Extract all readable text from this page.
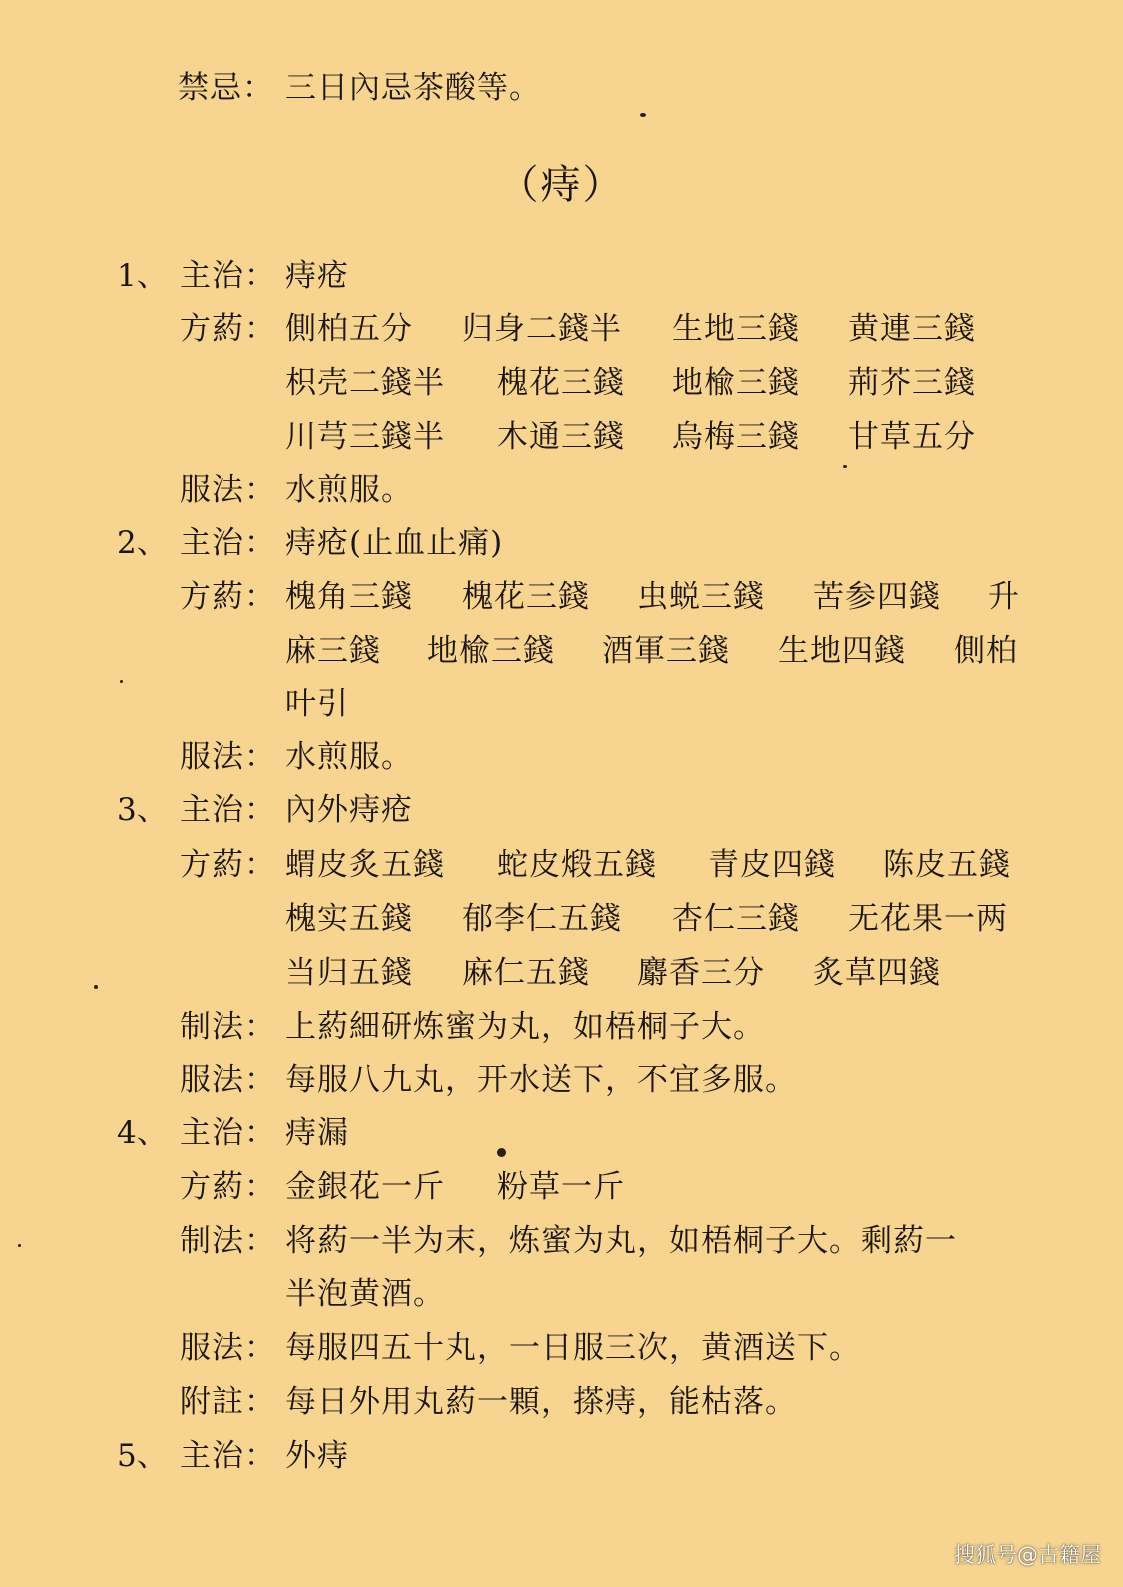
禁忌： 三日內忌茶酸等。
（痔）
1、 主治： 痔疮
方葯： 側柏五分 归身二錢半 生地三錢 黄連三錢
枳壳二錢半 槐花三錢 地楡三錢 荊芥三錢
川芎三錢半 木通三錢 烏梅三錢 甘草五分
服法： 水煎服。
2、 主治： 痔疮(止血止痛)
方葯： 槐角三錢 槐花三錢 虫蜕三錢 苦参四錢 升
麻三錢 地楡三錢 酒軍三錢 生地四錢 側柏
叶引
服法： 水煎服。
3、 主治： 內外痔疮
方葯： 蝟皮炙五錢 蛇皮煅五錢 青皮四錢 陈皮五錢
槐实五錢 郁李仁五錢 杏仁三錢 无花果一两
当归五錢 麻仁五錢 麝香三分 炙草四錢
制法： 上葯細研炼蜜为丸，如梧桐子大。
服法： 每服八九丸，开水送下，不宜多服。
4、 主治： 痔漏
方葯： 金銀花一斤 粉草一斤
制法： 将葯一半为末，炼蜜为丸，如梧桐子大。剩葯一
半泡黄酒。
服法： 每服四五十丸，一日服三次，黄酒送下。
附註： 每日外用丸葯一顆，搽痔，能枯落。
5、 主治： 外痔
搜狐号@古籍屋
